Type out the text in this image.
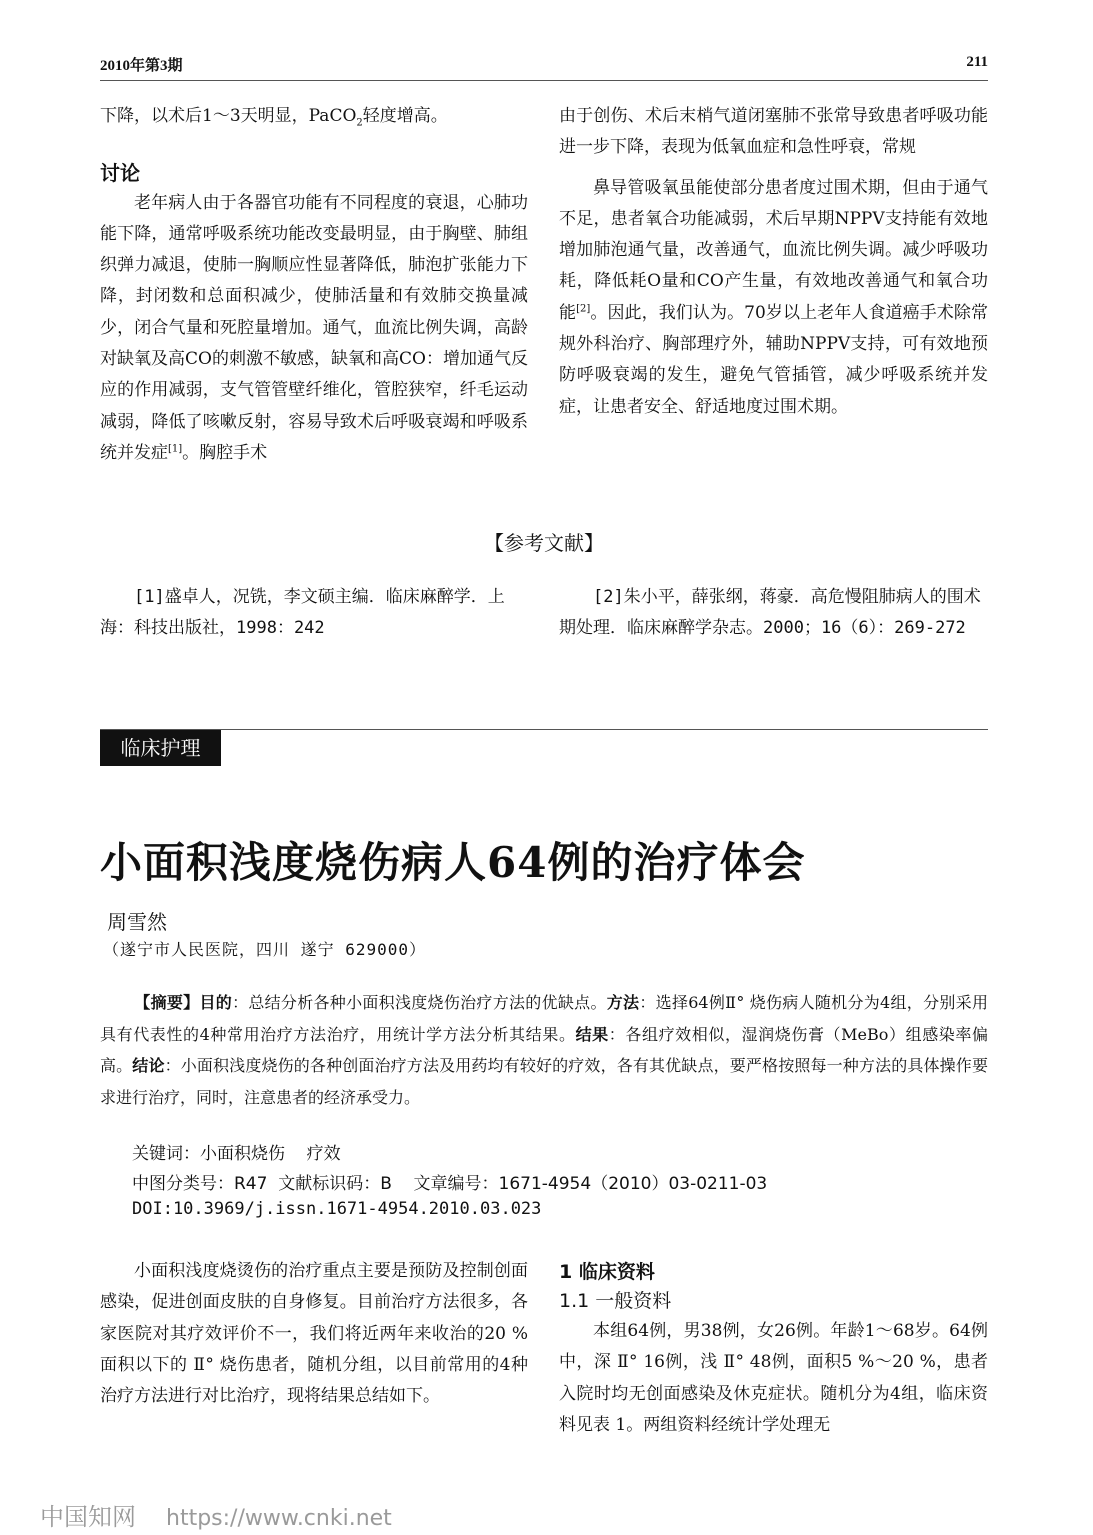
2010年第3期	211

下降，以术后1～3天明显，PaCO$_2$轻度增高。

讨论

老年病人由于各器官功能有不同程度的衰退，心肺功能下降，通常呼吸系统功能改变最明显，由于胸壁、肺组织弹力减退，使肺一胸顺应性显著降低，肺泡扩张能力下降，封闭数和总面积减少，使肺活量和有效肺交换量减少，闭合气量和死腔量增加。通气，血流比例失调，高龄对缺氧及高CO的刺激不敏感，缺氧和高CO：增加通气反应的作用减弱，支气管管壁纤维化，管腔狭窄，纤毛运动减弱，降低了咳嗽反射，容易导致术后呼吸衰竭和呼吸系统并发症[1]。胸腔手术

由于创伤、术后末梢气道闭塞肺不张常导致患者呼吸功能进一步下降，表现为低氧血症和急性呼衰，常规

鼻导管吸氧虽能使部分患者度过围术期，但由于通气不足，患者氧合功能减弱，术后早期NPPV支持能有效地增加肺泡通气量，改善通气，血流比例失调。减少呼吸功耗，降低耗O量和CO产生量，有效地改善通气和氧合功能[2]。因此，我们认为。70岁以上老年人食道癌手术除常规外科治疗、胸部理疗外，辅助NPPV支持，可有效地预防呼吸衰竭的发生，避免气管插管，减少呼吸系统并发症，让患者安全、舒适地度过围术期。

【参考文献】

[1]盛卓人，况铣，李文硕主编．临床麻醉学．上海：科技出版社，1998：242

[2]朱小平，薛张纲，蒋豪．高危慢阻肺病人的围术期处理．临床麻醉学杂志。2000；16（6）：269-272

临床护理
小面积浅度烧伤病人64例的治疗体会
周雪然
（遂宁市人民医院，四川 遂宁 629000）
【摘要】目的：总结分析各种小面积浅度烧伤治疗方法的优缺点。方法：选择64例Ⅱ° 烧伤病人随机分为4组，分别采用具有代表性的4种常用治疗方法治疗，用统计学方法分析其结果。结果：各组疗效相似，湿润烧伤膏（MeBo）组感染率偏高。结论：小面积浅度烧伤的各种创面治疗方法及用药均有较好的疗效，各有其优缺点，要严格按照每一种方法的具体操作要求进行治疗，同时，注意患者的经济承受力。
关键词：小面积烧伤    疗效
中图分类号：R47  文献标识码：B    文章编号：1671-4954（2010）03-0211-03
DOI:10.3969/j.issn.1671-4954.2010.03.023

小面积浅度烧烫伤的治疗重点主要是预防及控制创面感染，促进创面皮肤的自身修复。目前治疗方法很多，各家医院对其疗效评价不一，我们将近两年来收治的20 %面积以下的 Ⅱ° 烧伤患者，随机分组，以目前常用的4种治疗方法进行对比治疗，现将结果总结如下。

1 临床资料

1.1 一般资料

本组64例，男38例，女26例。年龄1～68岁。64例中，深 Ⅱ° 16例，浅 Ⅱ° 48例，面积5 %～20 %，患者入院时均无创面感染及休克症状。随机分为4组，临床资料见表 1。两组资料经统计学处理无

中国知网 https://www.cnki.net
